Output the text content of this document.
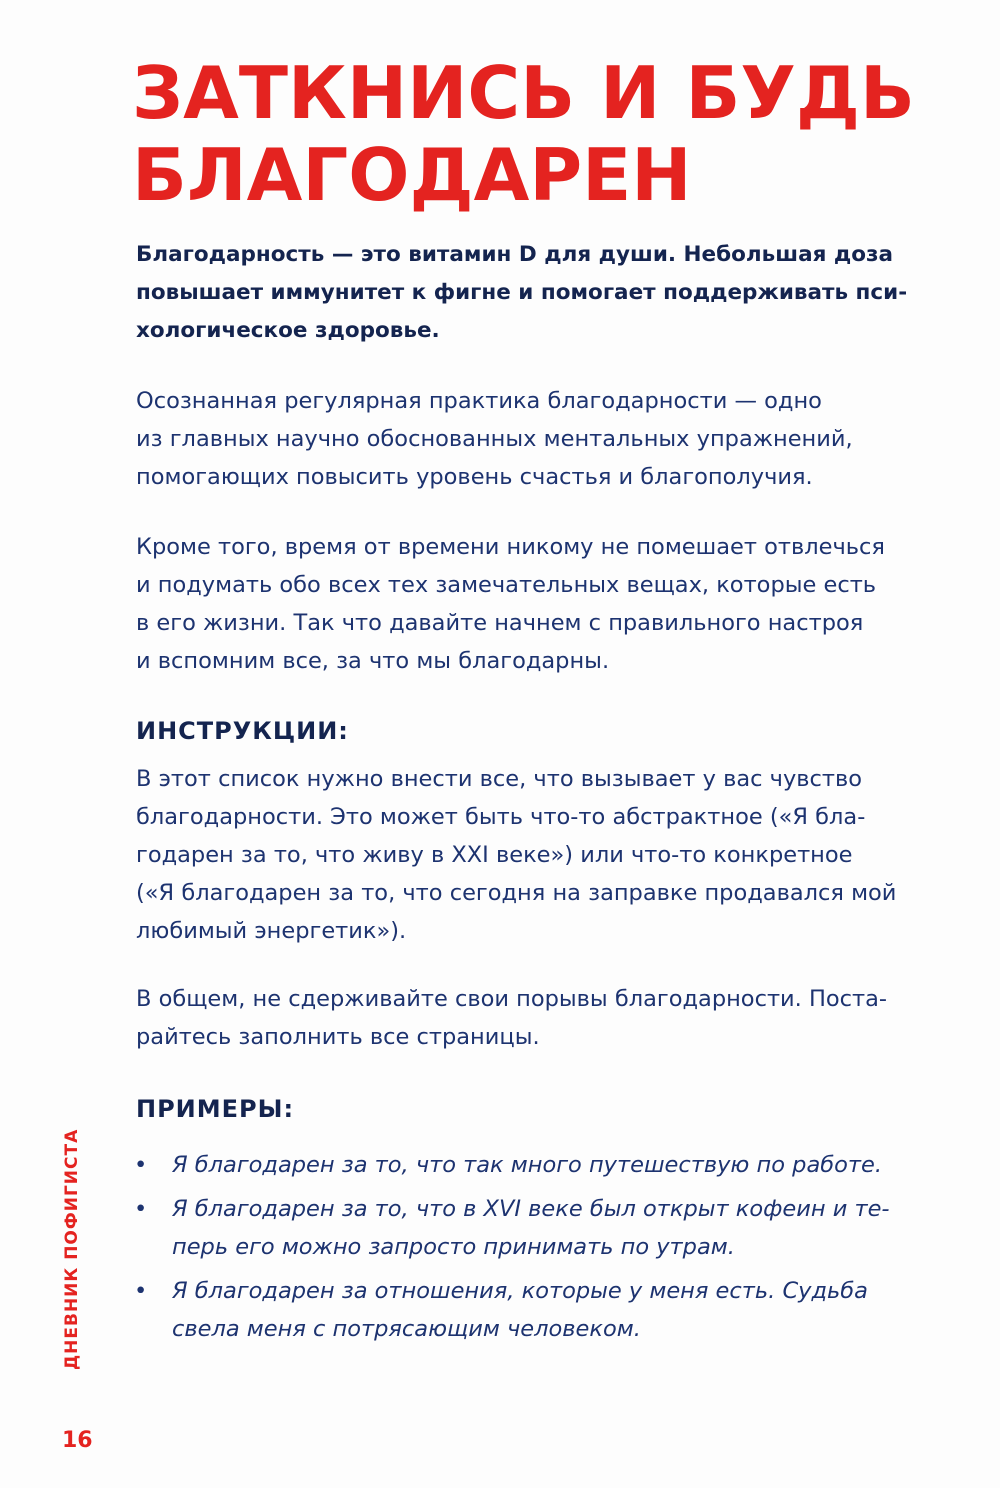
ЗАТКНИСЬ И БУДЬ
БЛАГОДАРЕН

Благодарность — это витамин D для души. Небольшая доза
повышает иммунитет к фигне и помогает поддерживать пси-
хологическое здоровье.

Осознанная регулярная практика благодарности — одно
из главных научно обоснованных ментальных упражнений,
помогающих повысить уровень счастья и благополучия.

Кроме того, время от времени никому не помешает отвлечься
и подумать обо всех тех замечательных вещах, которые есть
в его жизни. Так что давайте начнем с правильного настроя
и вспомним все, за что мы благодарны.

ИНСТРУКЦИИ:

В этот список нужно внести все, что вызывает у вас чувство
благодарности. Это может быть что-то абстрактное («Я бла-
годарен за то, что живу в XXI веке») или что-то конкретное
(«Я благодарен за то, что сегодня на заправке продавался мой
любимый энергетик»).

В общем, не сдерживайте свои порывы благодарности. Поста-
райтесь заполнить все страницы.

ПРИМЕРЫ:
• Я благодарен за то, что так много путешествую по работе.
• Я благодарен за то, что в XVI веке был открыт кофеин и те-
перь его можно запросто принимать по утрам.
• Я благодарен за отношения, которые у меня есть. Судьба
свела меня с потрясающим человеком.
ДНЕВНИК ПОФИГИСТА
16
